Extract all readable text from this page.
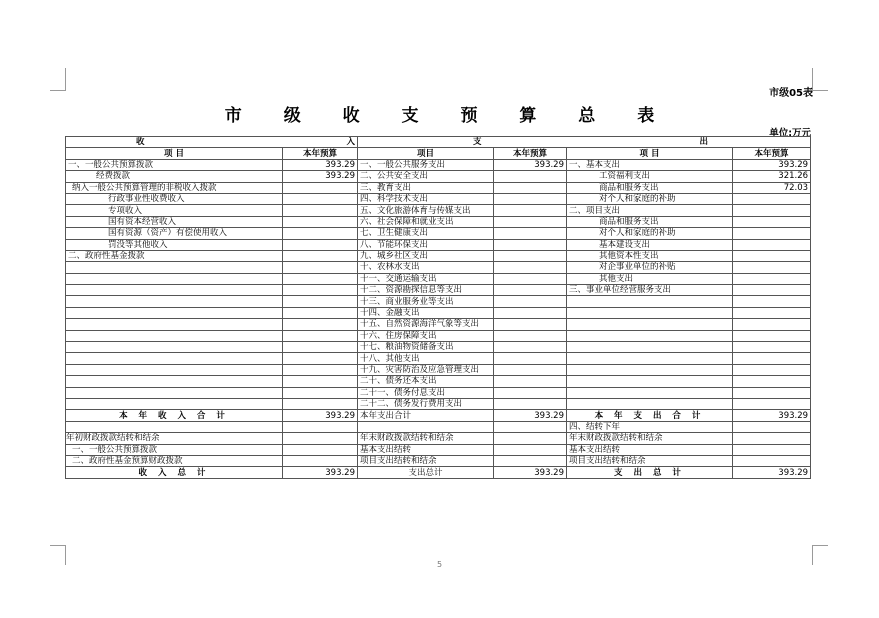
市级05表
市 级 收 支 预 算 总 表
单位:万元
收 入		支 出			

项 目	本年预算	项目	本年预算	项 目	本年预算
一、一般公共预算拨款	393.29	一、一般公共服务支出	393.29	一、基本支出	393.29
经费拨款	393.29	二、公共安全支出		工资福利支出	321.26
纳入一般公共预算管理的非税收入拨款		三、教育支出		商品和服务支出	72.03
行政事业性收费收入		四、科学技术支出		对个人和家庭的补助	
专项收入		五、文化旅游体育与传媒支出		二、项目支出	
国有资本经营收入		六、社会保障和就业支出		商品和服务支出	
国有资源（资产）有偿使用收入		七、卫生健康支出		对个人和家庭的补助	
罚没等其他收入		八、节能环保支出		基本建设支出	
二、政府性基金拨款		九、城乡社区支出		其他资本性支出	
		十、农林水支出		对企事业单位的补贴	
		十一、交通运输支出		其他支出	
		十二、资源勘探信息等支出		三、事业单位经营服务支出	
		十三、商业服务业等支出			
		十四、金融支出			
		十五、自然资源海洋气象等支出			
		十六、住房保障支出			
		十七、粮油物资储备支出			
		十八、其他支出			
		十九、灾害防治及应急管理支出			
		二十、债务还本支出			
		二十一、债务付息支出			
		二十二、债务发行费用支出			
本 年 收 入 合 计	393.29	本年支出合计	393.29	本 年 支 出 合 计	393.29
				四、结转下年	
年初财政拨款结转和结余		年末财政拨款结转和结余		年末财政拨款结转和结余	
一、一般公共预算拨款		基本支出结转		基本支出结转	
二、政府性基金预算财政拨款		项目支出结转和结余		项目支出结转和结余	
收 入 总 计	393.29	支出总计	393.29	支 出 总 计	393.29
5
